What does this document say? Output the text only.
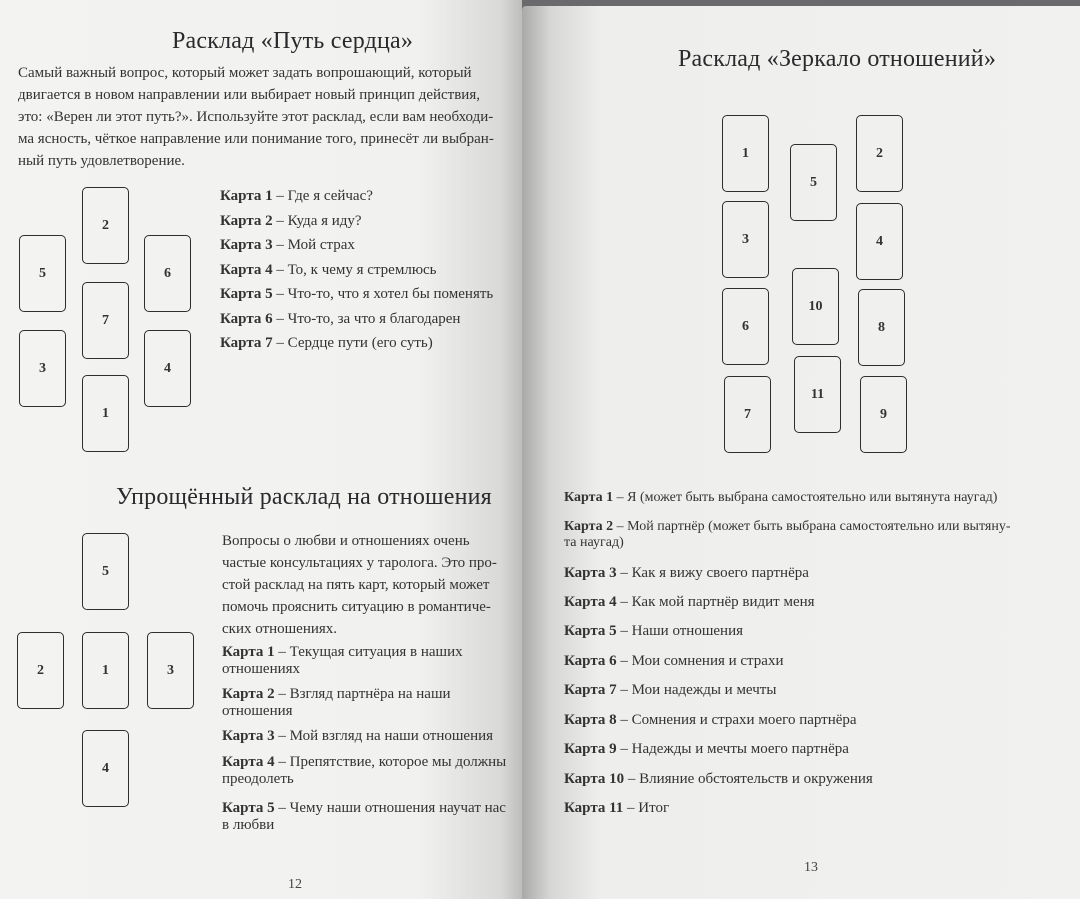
Расклад «Путь сердца»
Самый важный вопрос, который может задать вопрошающий, который
двигается в новом направлении или выбирает новый принцип действия,
это: «Верен ли этот путь?». Используйте этот расклад, если вам необходи-
ма ясность, чёткое направление или понимание того, принесёт ли выбран-
ный путь удовлетворение.
2
5	6
7
3	4
1
Карта 1 – Где я сейчас?
Карта 2 – Куда я иду?
Карта 3 – Мой страх
Карта 4 – То, к чему я стремлюсь
Карта 5 – Что-то, что я хотел бы поменять
Карта 6 – Что-то, за что я благодарен
Карта 7 – Сердце пути (его суть)
Упрощённый расклад на отношения
5
2	1	3
4
Вопросы о любви и отношениях очень
частые консультациях у таролога. Это про-
стой расклад на пять карт, который может
помочь прояснить ситуацию в романтиче-
ских отношениях.
Карта 1 – Текущая ситуация в наших
отношениях
Карта 2 – Взгляд партнёра на наши
отношения
Карта 3 – Мой взгляд на наши отношения
Карта 4 – Препятствие, которое мы должны
преодолеть
Карта 5 – Чему наши отношения научат нас
в любви
12
Расклад «Зеркало отношений»
1	2
5
3	4
10
6	8
11
7	9
Карта 1 – Я (может быть выбрана самостоятельно или вытянута наугад)
Карта 2 – Мой партнёр (может быть выбрана самостоятельно или вытяну-
та наугад)
Карта 3 – Как я вижу своего партнёра
Карта 4 – Как мой партнёр видит меня
Карта 5 – Наши отношения
Карта 6 – Мои сомнения и страхи
Карта 7 – Мои надежды и мечты
Карта 8 – Сомнения и страхи моего партнёра
Карта 9 – Надежды и мечты моего партнёра
Карта 10 – Влияние обстоятельств и окружения
Карта 11 – Итог
13
